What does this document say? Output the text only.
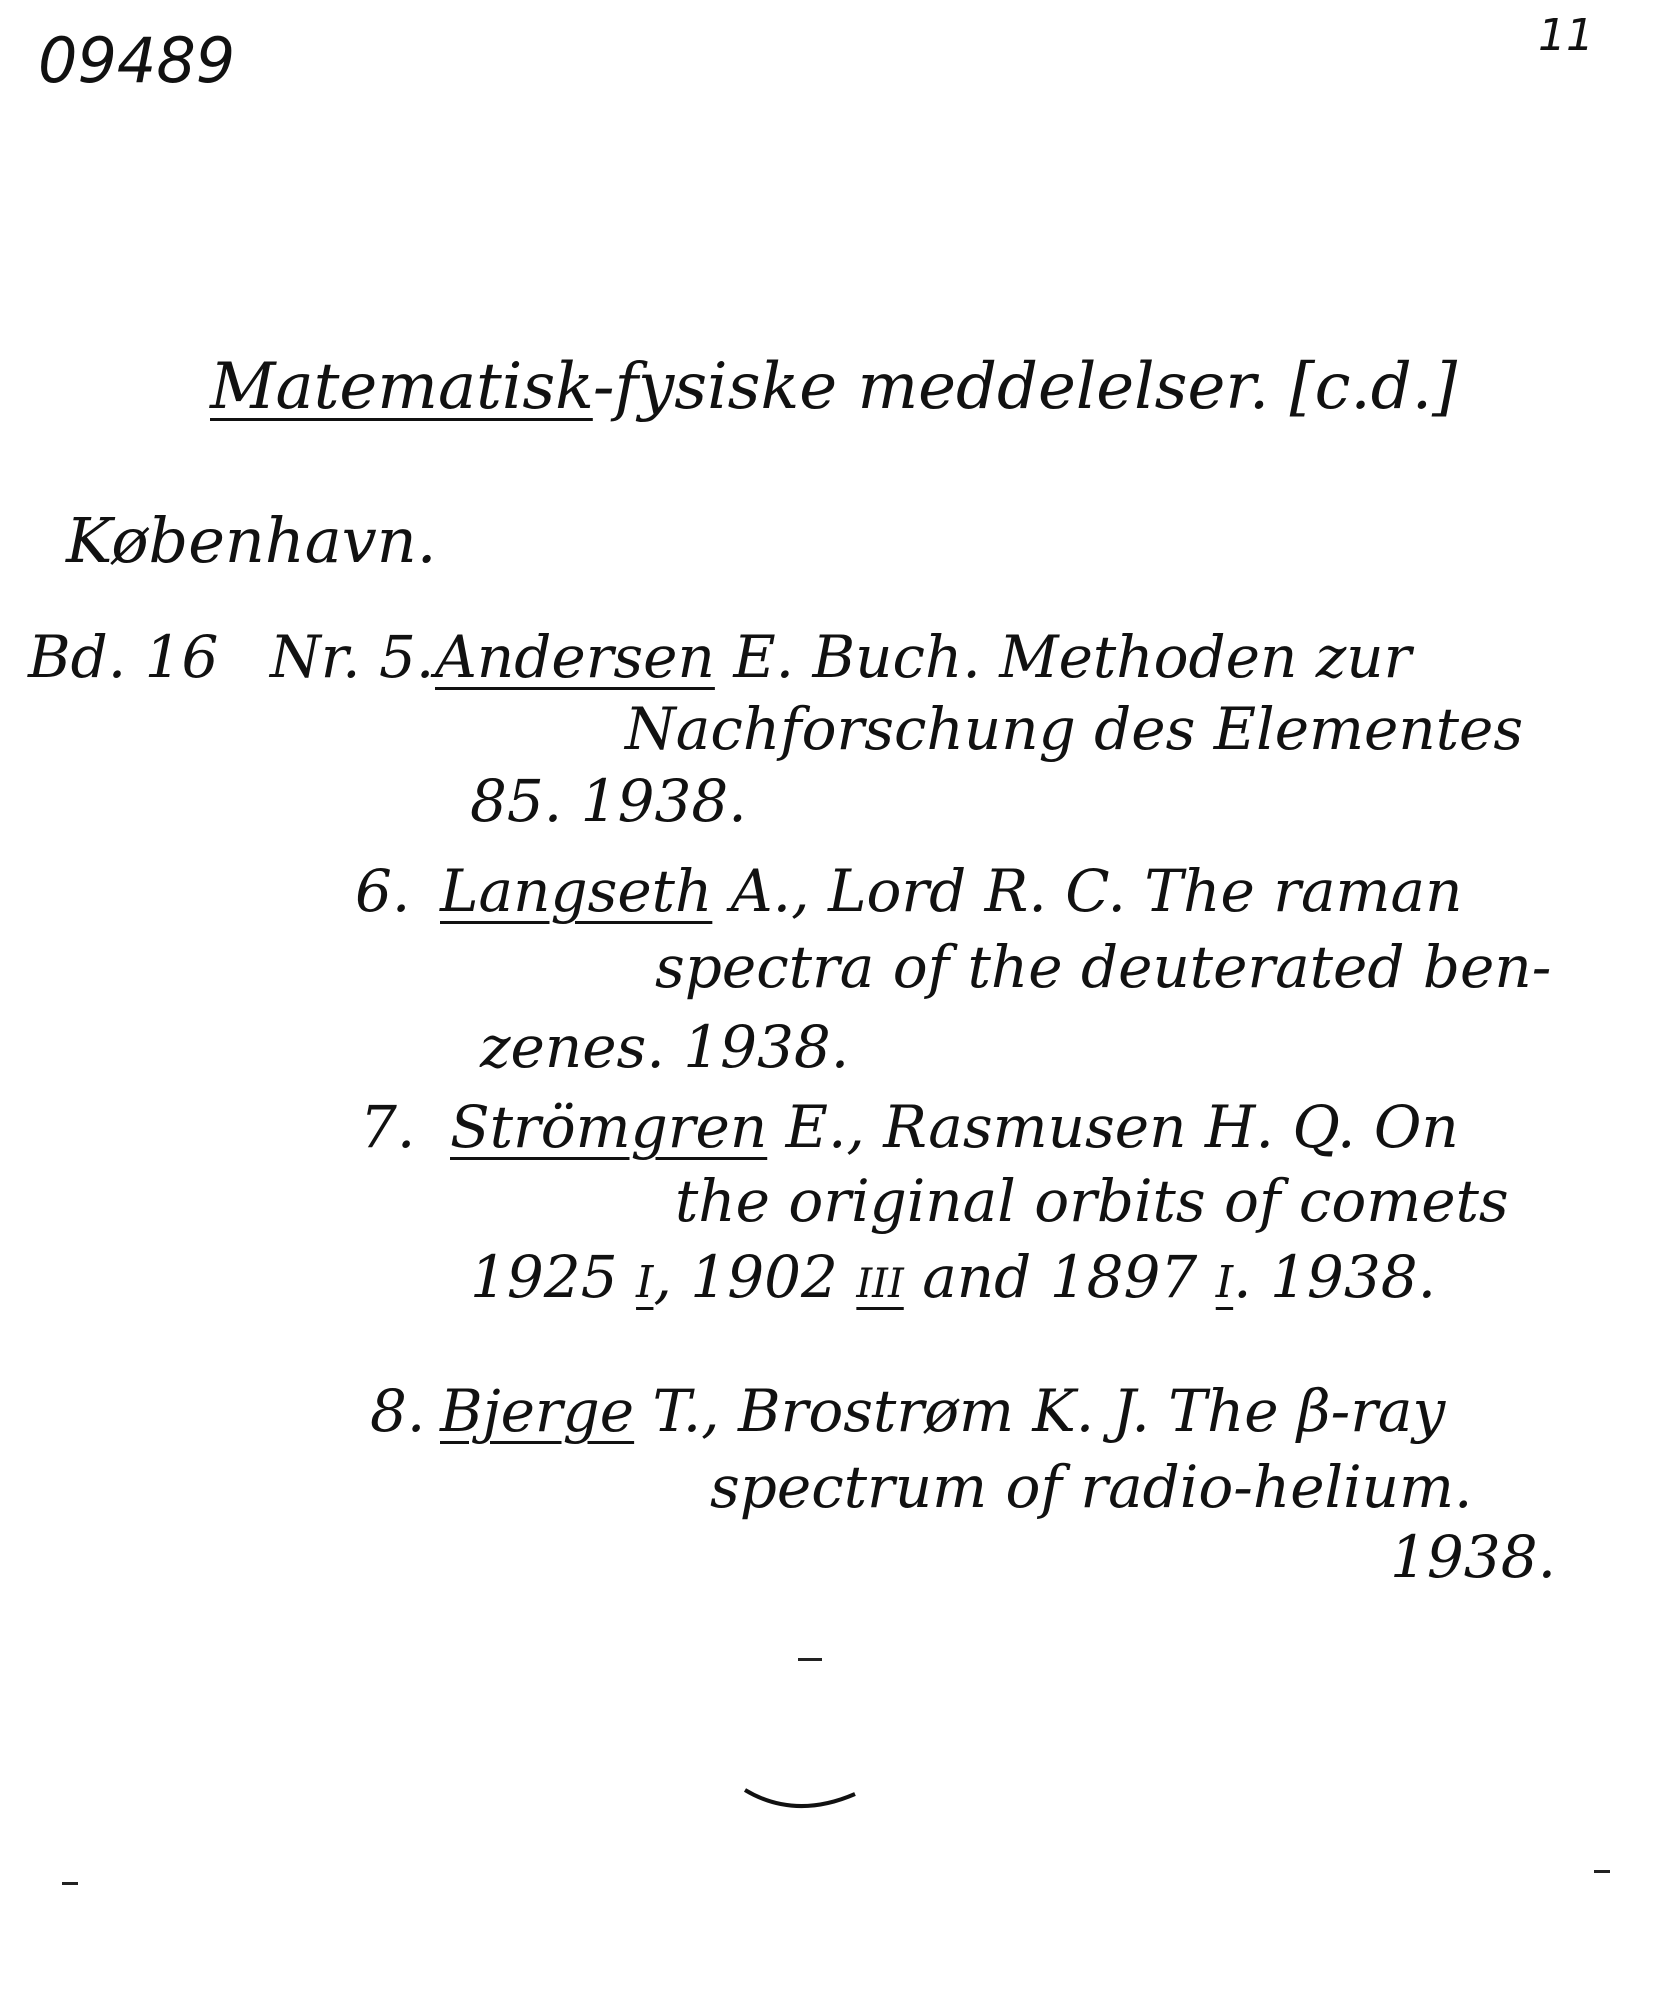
09489	11
Matematisk-fysiske meddelelser. [c.d.]
København.
Bd. 16 Nr. 5. Andersen E. Buch. Methoden zur
Nachforschung des Elementes
85. 1938.
6. Langseth A., Lord R. C. The raman
spectra of the deuterated ben-
zenes. 1938.
7. Strömgren E., Rasmusen H. Q. On
the original orbits of comets
1925 I, 1902 III and 1897 I. 1938.
8. Bjerge T., Brostrøm K. J. The β-ray
spectrum of radio-helium.
1938.
